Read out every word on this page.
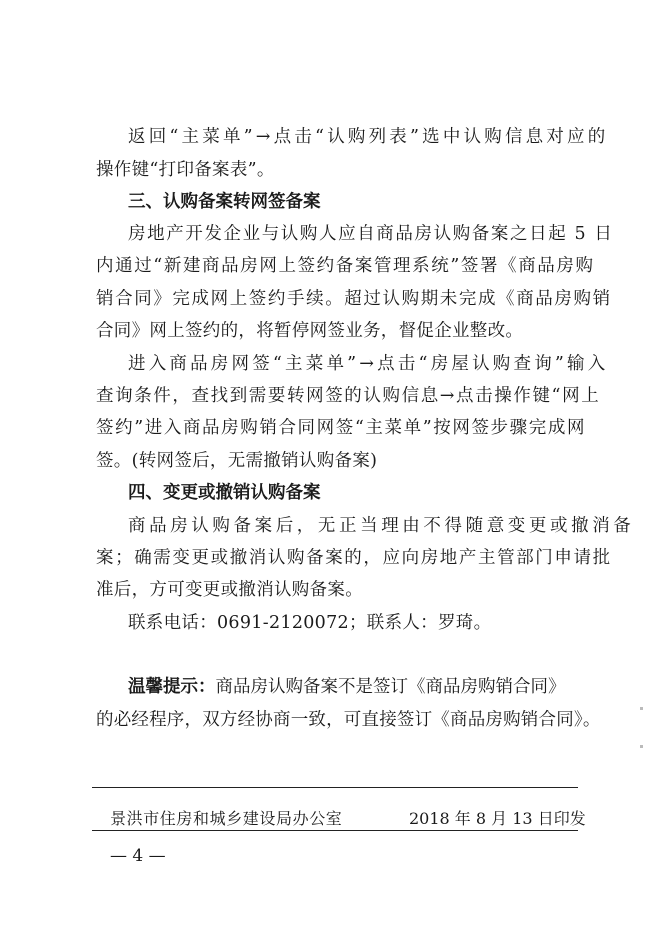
返回“主菜单”→点击“认购列表”选中认购信息对应的
操作键“打印备案表”。
三、认购备案转网签备案
房地产开发企业与认购人应自商品房认购备案之日起 5 日
内通过“新建商品房网上签约备案管理系统”签署《商品房购
销合同》完成网上签约手续。超过认购期未完成《商品房购销
合同》网上签约的，将暂停网签业务，督促企业整改。
进入商品房网签“主菜单”→点击“房屋认购查询”输入
查询条件，查找到需要转网签的认购信息→点击操作键“网上
签约”进入商品房购销合同网签“主菜单”按网签步骤完成网
签。(转网签后，无需撤销认购备案)
四、变更或撤销认购备案
商品房认购备案后，无正当理由不得随意变更或撤消备
案；确需变更或撤消认购备案的，应向房地产主管部门申请批
准后，方可变更或撤消认购备案。
联系电话：0691-2120072；联系人：罗琦。
温馨提示：商品房认购备案不是签订《商品房购销合同》
的必经程序，双方经协商一致，可直接签订《商品房购销合同》。
景洪市住房和城乡建设局办公室	2018 年 8 月 13 日印发
— 4 —
